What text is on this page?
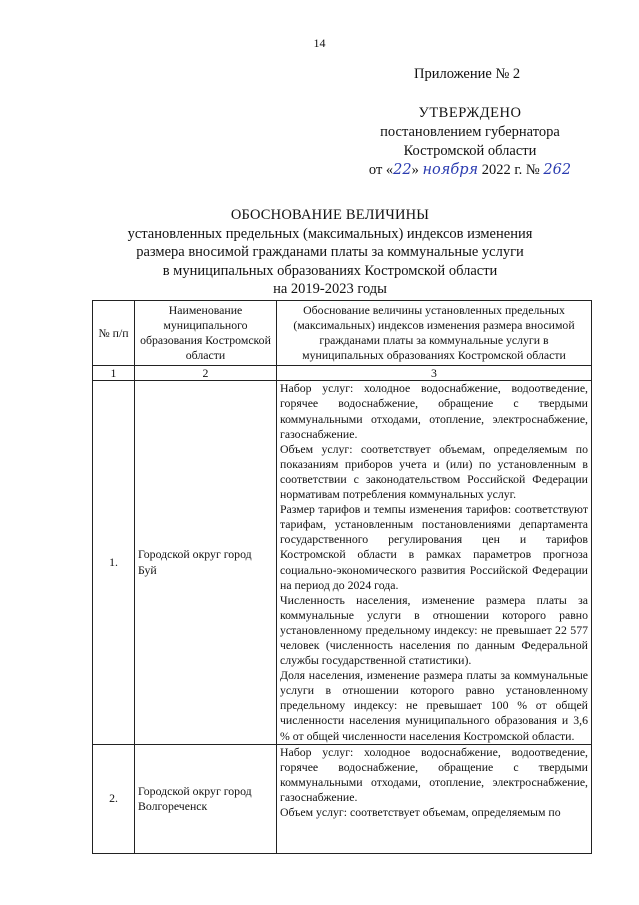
14
Приложение № 2
УТВЕРЖДЕНО
постановлением губернатора
Костромской области
от «22» ноября 2022 г. № 262
ОБОСНОВАНИЕ ВЕЛИЧИНЫ
установленных предельных (максимальных) индексов изменения
размера вносимой гражданами платы за коммунальные услуги
в муниципальных образованиях Костромской области
на 2019-2023 годы
№ п/п	Наименование муниципального образования Костромской области	Обоснование величины установленных предельных (максимальных) индексов изменения размера вносимой гражданами платы за коммунальные услуги в муниципальных образованиях Костромской области
1	2	3
1.	Городской округ город Буй	Набор услуг: холодное водоснабжение, водоотведение, горячее водоснабжение, обращение с твердыми коммунальными отходами, отопление, электроснабжение, газоснабжение.

Объем услуг: соответствует объемам, определяемым по показаниям приборов учета и (или) по установленным в соответствии с законодательством Российской Федерации нормативам потребления коммунальных услуг.

Размер тарифов и темпы изменения тарифов: соответствуют тарифам, установленным постановлениями департамента государственного регулирования цен и тарифов Костромской области в рамках параметров прогноза социально-экономического развития Российской Федерации на период до 2024 года.

Численность населения, изменение размера платы за коммунальные услуги в отношении которого равно установленному предельному индексу: не превышает 22 577 человек (численность населения по данным Федеральной службы государственной статистики).

Доля населения, изменение размера платы за коммунальные услуги в отношении которого равно установленному предельному индексу: не превышает 100 % от общей численности населения муниципального образования и 3,6 % от общей численности населения Костромской области.

2.	Городской округ город Волгореченск	Набор услуг: холодное водоснабжение, водоотведение, горячее водоснабжение, обращение с твердыми коммунальными отходами, отопление, электроснабжение, газоснабжение.

Объем услуг: соответствует объемам, определяемым по
